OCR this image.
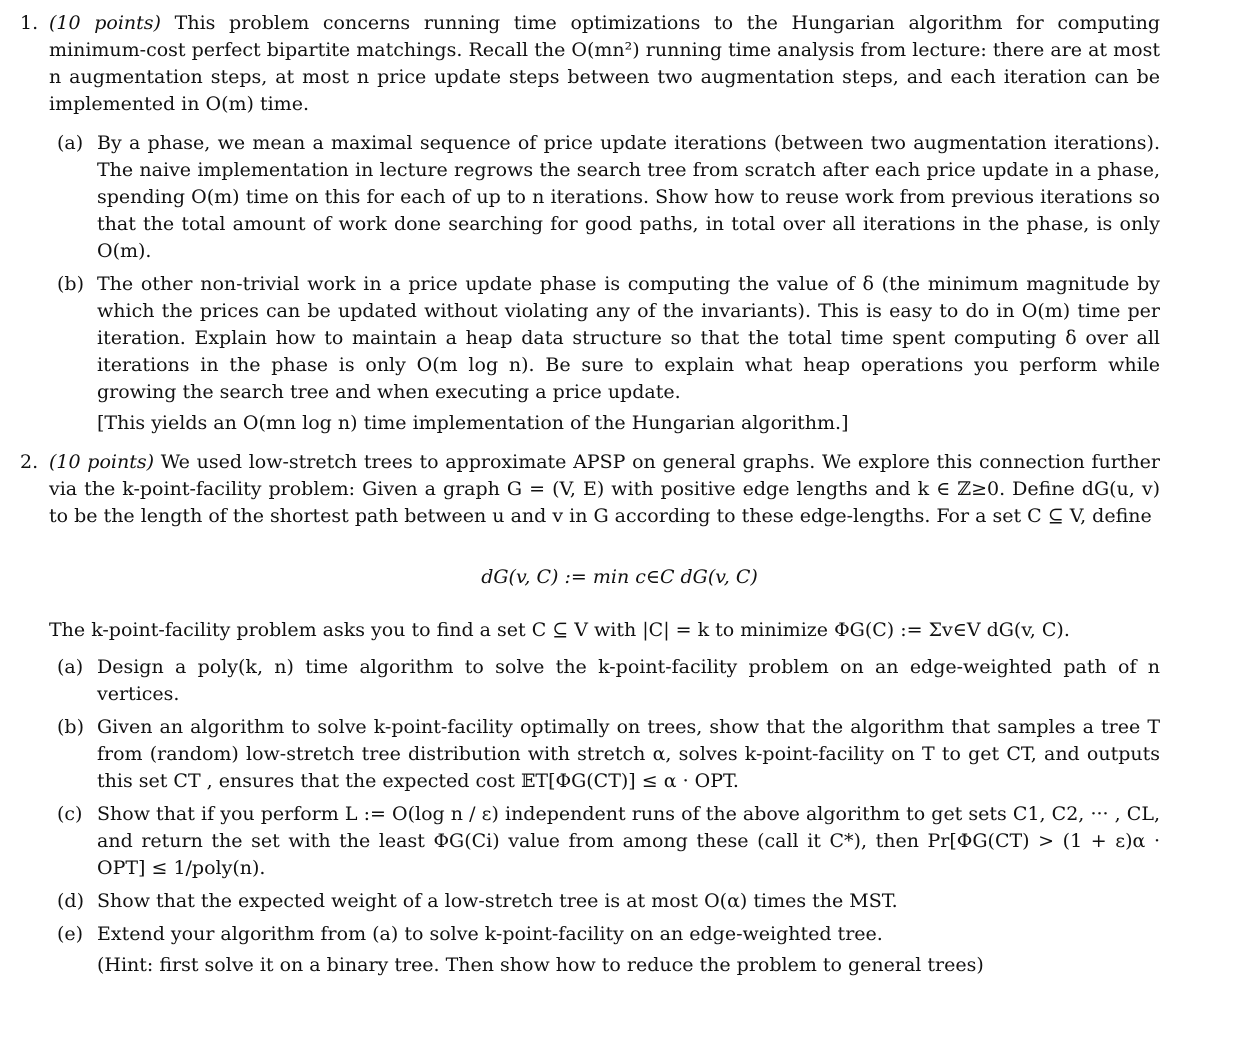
1. (10 points) This problem concerns running time optimizations to the Hungarian algorithm for computing minimum-cost perfect bipartite matchings. Recall the O(mn²) running time analysis from lecture: there are at most n augmentation steps, at most n price update steps between two augmentation steps, and each iteration can be implemented in O(m) time.
(a) By a phase, we mean a maximal sequence of price update iterations (between two augmentation iterations). The naive implementation in lecture regrows the search tree from scratch after each price update in a phase, spending O(m) time on this for each of up to n iterations. Show how to reuse work from previous iterations so that the total amount of work done searching for good paths, in total over all iterations in the phase, is only O(m).
(b) The other non-trivial work in a price update phase is computing the value of δ (the minimum magnitude by which the prices can be updated without violating any of the invariants). This is easy to do in O(m) time per iteration. Explain how to maintain a heap data structure so that the total time spent computing δ over all iterations in the phase is only O(m log n). Be sure to explain what heap operations you perform while growing the search tree and when executing a price update.
[This yields an O(mn log n) time implementation of the Hungarian algorithm.]
2. (10 points) We used low-stretch trees to approximate APSP on general graphs. We explore this connection further via the k-point-facility problem: Given a graph G = (V, E) with positive edge lengths and k ∈ ℤ≥0. Define dG(u, v) to be the length of the shortest path between u and v in G according to these edge-lengths. For a set C ⊆ V, define
dG(v, C) := min c∈C dG(v, C)
The k-point-facility problem asks you to find a set C ⊆ V with |C| = k to minimize ΦG(C) := Σv∈V dG(v, C).
(a) Design a poly(k, n) time algorithm to solve the k-point-facility problem on an edge-weighted path of n vertices.
(b) Given an algorithm to solve k-point-facility optimally on trees, show that the algorithm that samples a tree T from (random) low-stretch tree distribution with stretch α, solves k-point-facility on T to get CT, and outputs this set CT , ensures that the expected cost 𝔼T[ΦG(CT)] ≤ α · OPT.
(c) Show that if you perform L := O(log n / ε) independent runs of the above algorithm to get sets C1, C2, ··· , CL, and return the set with the least ΦG(Ci) value from among these (call it C*), then Pr[ΦG(CT) > (1 + ε)α · OPT] ≤ 1/poly(n).
(d) Show that the expected weight of a low-stretch tree is at most O(α) times the MST.
(e) Extend your algorithm from (a) to solve k-point-facility on an edge-weighted tree.
(Hint: first solve it on a binary tree. Then show how to reduce the problem to general trees)
